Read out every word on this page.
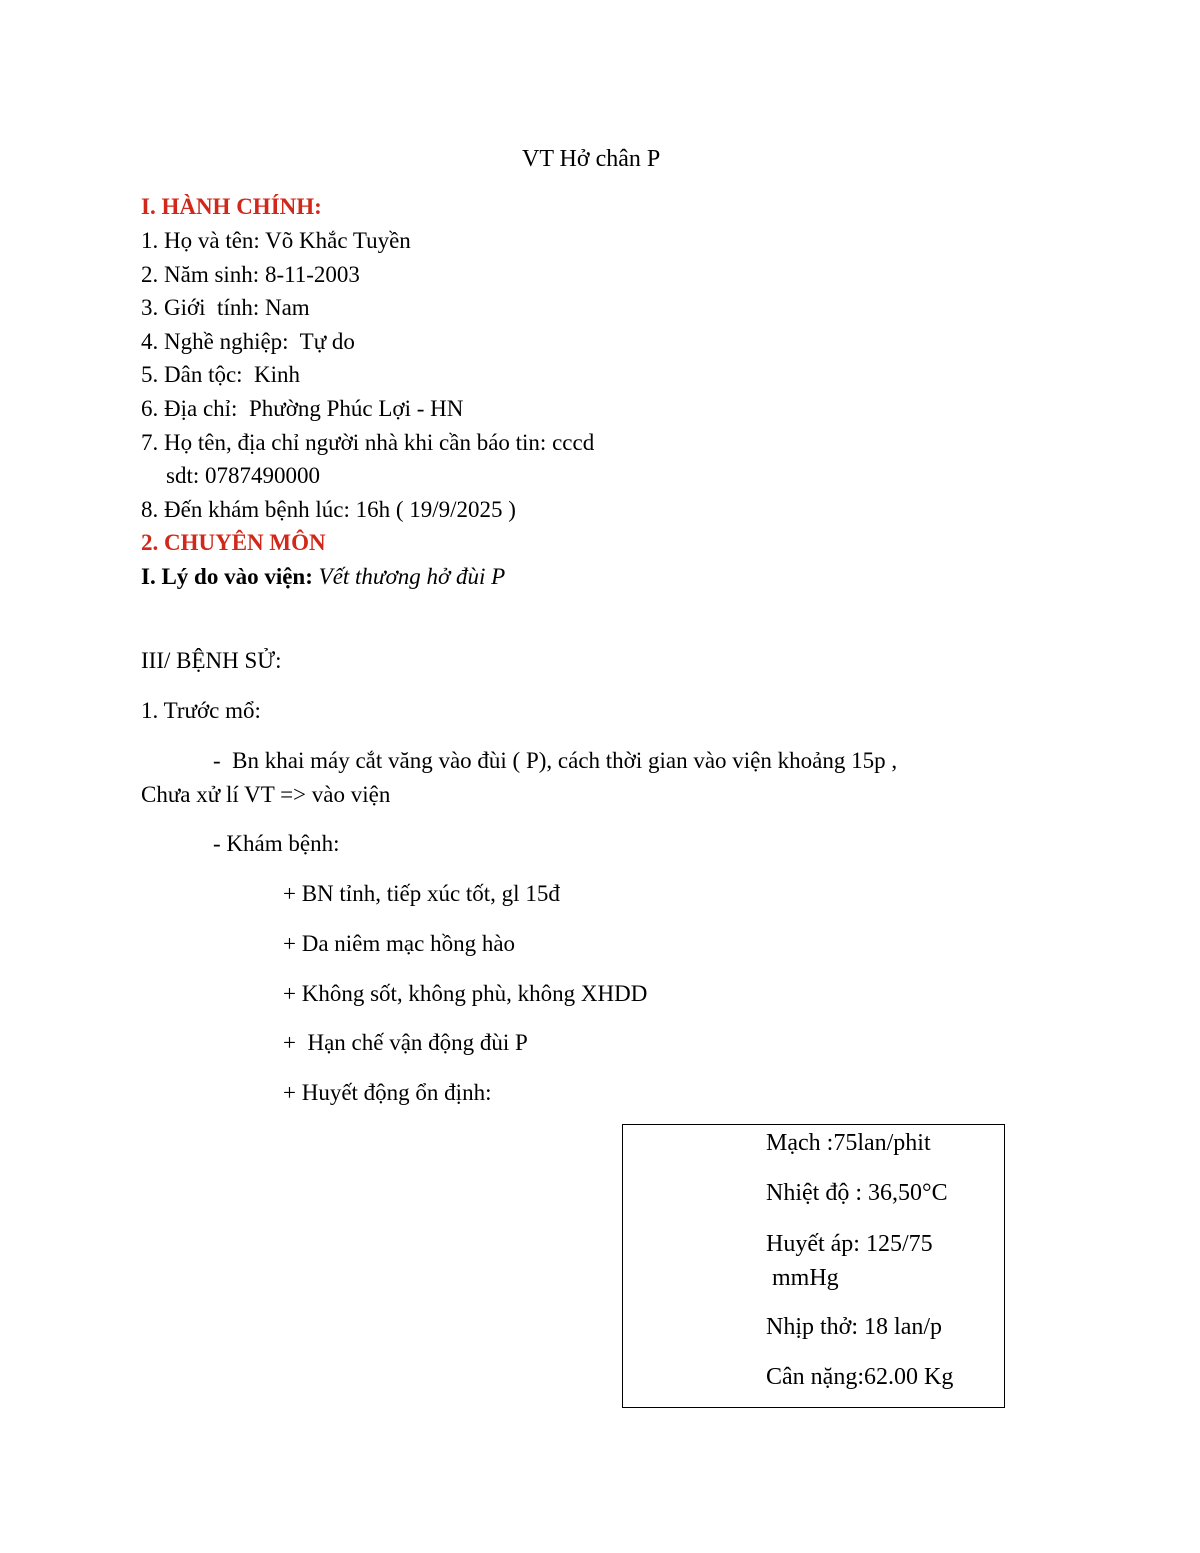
VT Hở chân P
I. HÀNH CHÍNH:
1. Họ và tên: Võ Khắc Tuyền
2. Năm sinh: 8-11-2003
3. Giới  tính: Nam
4. Nghề nghiệp:  Tự do
5. Dân tộc:  Kinh
6. Địa chỉ:  Phường Phúc Lợi - HN
7. Họ tên, địa chỉ người nhà khi cần báo tin: cccd
sdt: 0787490000
8. Đến khám bệnh lúc: 16h ( 19/9/2025 )
2. CHUYÊN MÔN
I. Lý do vào viện: Vết thương hở đùi P
III/ BỆNH SỬ:
1. Trước mổ:
-  Bn khai máy cắt văng vào đùi ( P), cách thời gian vào viện khoảng 15p ,
Chưa xử lí VT => vào viện
- Khám bệnh:
+ BN tỉnh, tiếp xúc tốt, gl 15đ
+ Da niêm mạc hồng hào
+ Không sốt, không phù, không XHDD
+  Hạn chế vận động đùi P
+ Huyết động ổn định:
Mạch :75lan/phit
Nhiệt độ : 36,50°C
Huyết áp: 125/75
mmHg
Nhịp thở: 18 lan/p
Cân nặng:62.00 Kg
